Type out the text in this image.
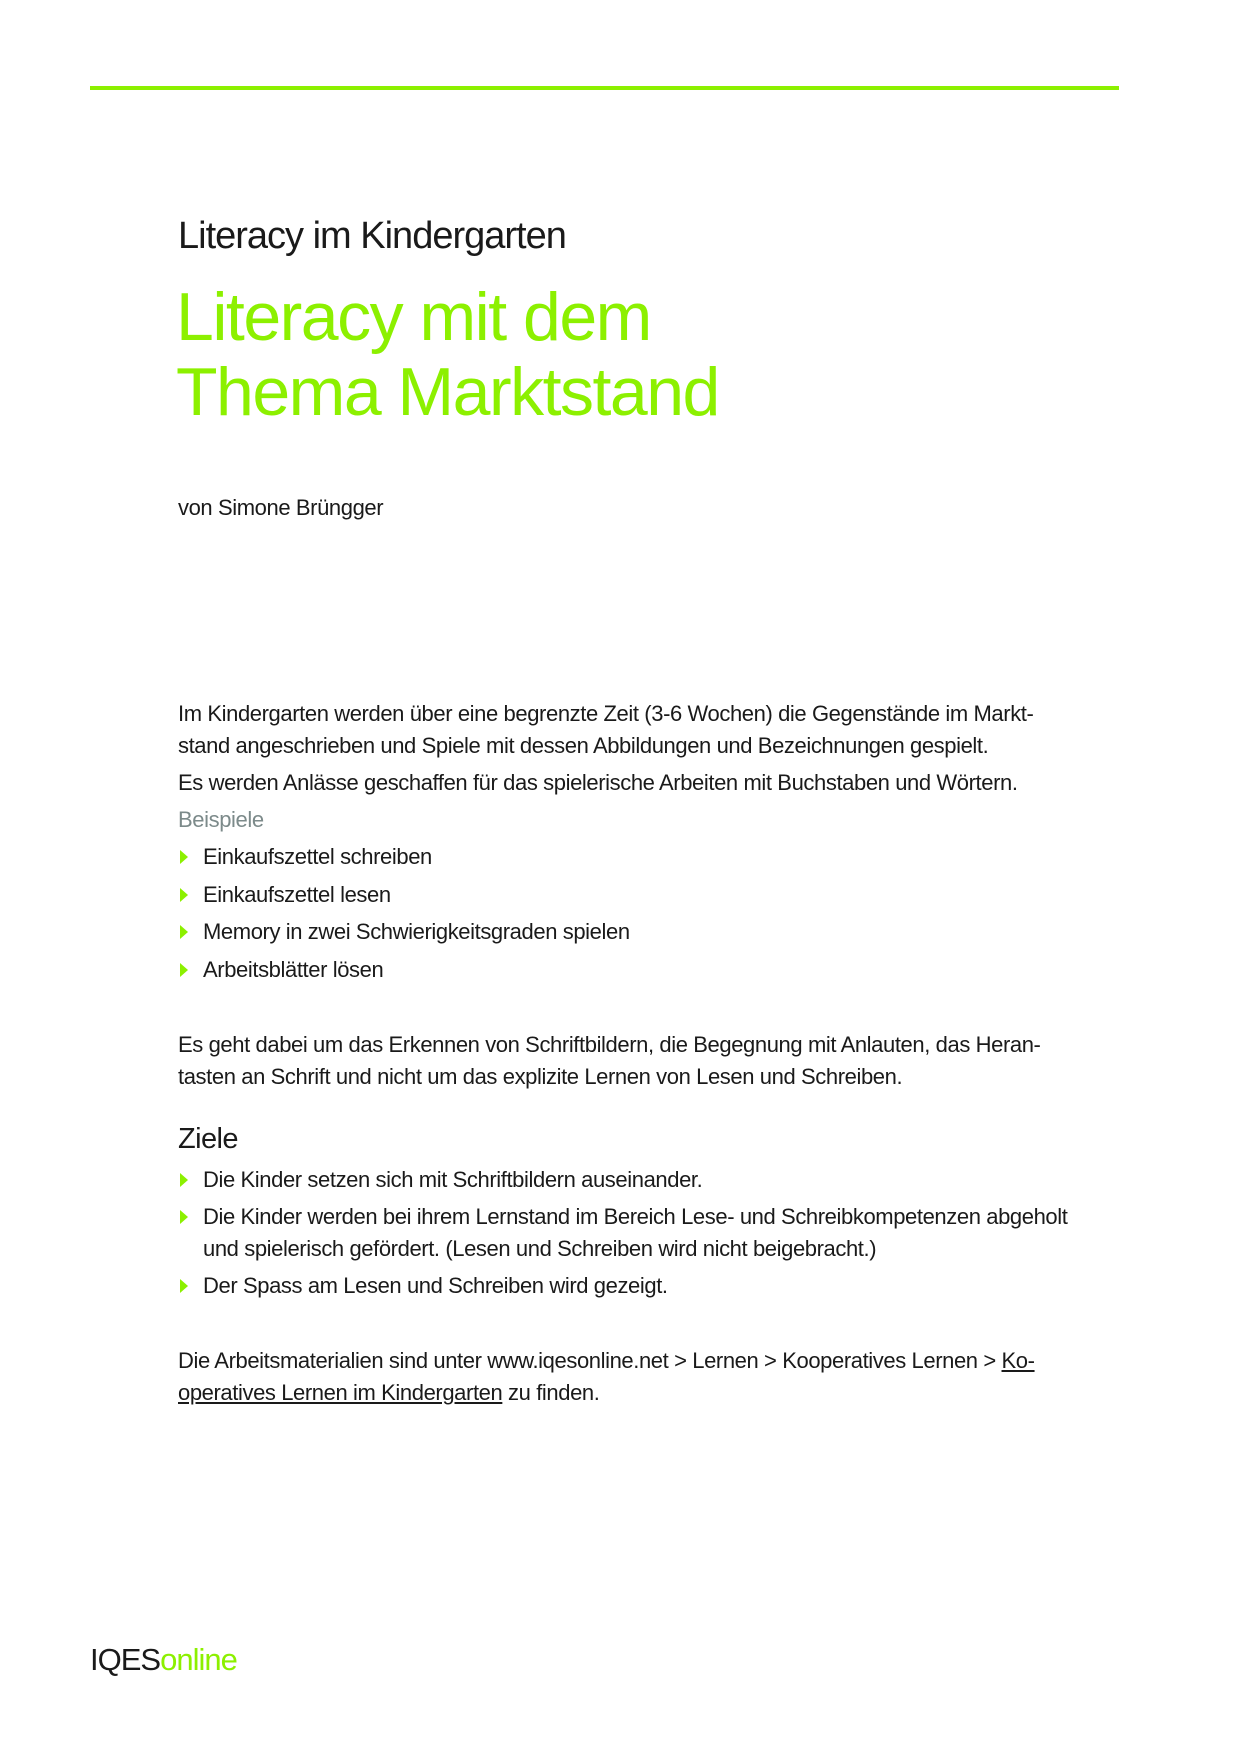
Literacy im Kindergarten
Literacy mit dem
Thema Marktstand
von Simone Brüngger
Im Kindergarten werden über eine begrenzte Zeit (3-6 Wochen) die Gegenstände im Markt-
stand angeschrieben und Spiele mit dessen Abbildungen und Bezeichnungen gespielt.
Es werden Anlässe geschaffen für das spielerische Arbeiten mit Buchstaben und Wörtern.
Beispiele
Einkaufszettel schreiben
Einkaufszettel lesen
Memory in zwei Schwierigkeitsgraden spielen
Arbeitsblätter lösen
Es geht dabei um das Erkennen von Schriftbildern, die Begegnung mit Anlauten, das Heran-
tasten an Schrift und nicht um das explizite Lernen von Lesen und Schreiben.
Ziele
Die Kinder setzen sich mit Schriftbildern auseinander.
Die Kinder werden bei ihrem Lernstand im Bereich Lese- und Schreibkompetenzen abgeholt
und spielerisch gefördert. (Lesen und Schreiben wird nicht beigebracht.)
Der Spass am Lesen und Schreiben wird gezeigt.
Die Arbeitsmaterialien sind unter www.iqesonline.net > Lernen > Kooperatives Lernen > Ko-
operatives Lernen im Kindergarten zu finden.
IQESonline
